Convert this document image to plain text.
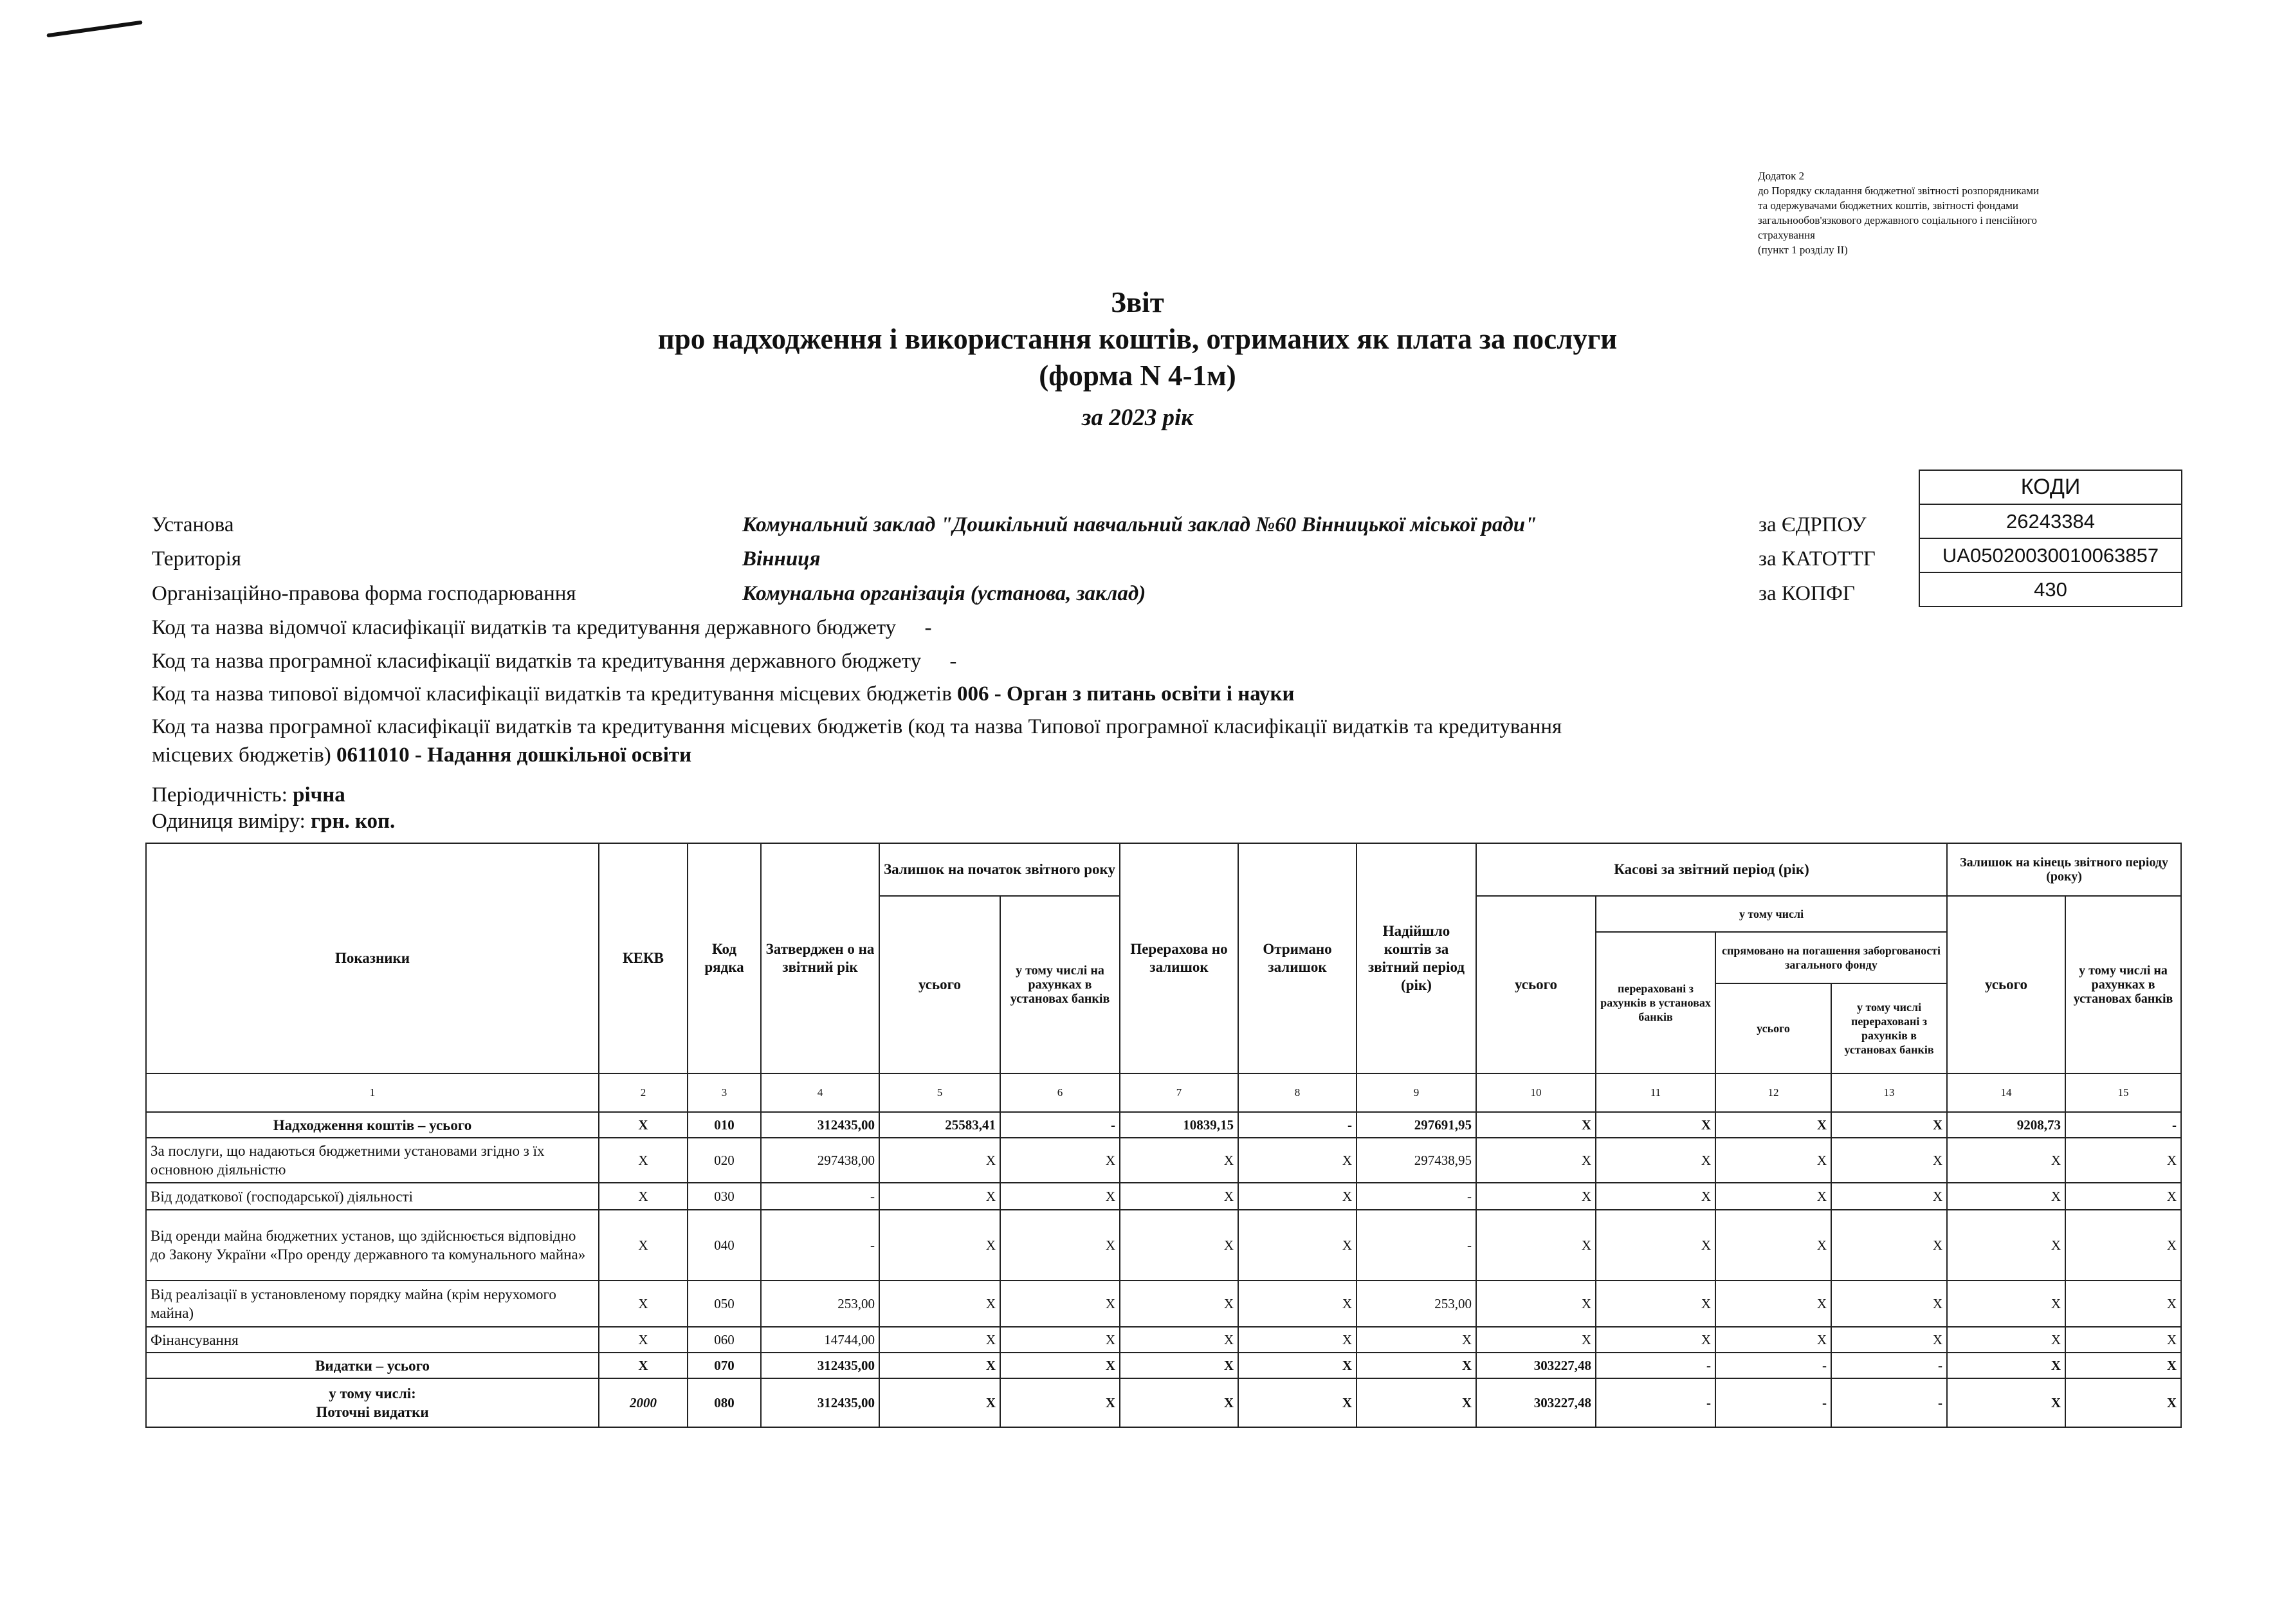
Додаток 2
до Порядку складання бюджетної звітності розпорядниками
та одержувачами бюджетних коштів, звітності фондами
загальнообов'язкового державного соціального і пенсійного
страхування
(пункт 1 розділу II)
Звіт
про надходження і використання коштів, отриманих як плата за послуги
(форма N 4-1м)
за 2023 рік
КОДИ
26243384
UA05020030010063857
430
Установа	Комунальний заклад "Дошкільний навчальний заклад №60 Вінницької міської ради"	за ЄДРПОУ
Територія	Вінниця	за КАТОТТГ
Організаційно-правова форма господарювання	Комунальна організація (установа, заклад)	за КОПФГ
Код та назва відомчої класифікації видатків та кредитування державного бюджету -
Код та назва програмної класифікації видатків та кредитування державного бюджету -
Код та назва типової відомчої класифікації видатків та кредитування місцевих бюджетів 006 - Орган з питань освіти і науки
Код та назва програмної класифікації видатків та кредитування місцевих бюджетів (код та назва Типової програмної класифікації видатків та кредитування місцевих бюджетів) 0611010 - Надання дошкільної освіти
Періодичність: річна
Одиниця виміру: грн. коп.
Показники	КЕКВ	Код рядка	Затверджен о на звітний рік	Залишок на початок звітного року		Перерахова но залишок	Отримано залишок	Надійшло коштів за звітний період (рік)	Касові за звітний період (рік)				Залишок на кінець звітного періоду (року)	
				усього	у тому числі на рахунках в установах банків				усього	у тому числі			усього	у тому числі на рахунках в установах банків
										перераховані з рахунків в установах банків	спрямовано на погашення заборгованості загального фонду			
											усього	у тому числі перераховані з рахунків в установах банків		
1	2	3	4	5	6	7	8	9	10	11	12	13	14	15
Надходження коштів – усього	X	010	312435,00	25583,41	-	10839,15	-	297691,95	X	X	X	X	9208,73	-
За послуги, що надаються бюджетними установами згідно з їх основною діяльністю	X	020	297438,00	X	X	X	X	297438,95	X	X	X	X	X	X
Від додаткової (господарської) діяльності	X	030	-	X	X	X	X	-	X	X	X	X	X	X
Від оренди майна бюджетних установ, що здійснюється відповідно до Закону України «Про оренду державного та комунального майна»	X	040	-	X	X	X	X	-	X	X	X	X	X	X
Від реалізації в установленому порядку майна (крім нерухомого майна)	X	050	253,00	X	X	X	X	253,00	X	X	X	X	X	X
Фінансування	X	060	14744,00	X	X	X	X	X	X	X	X	X	X	X
Видатки – усього	X	070	312435,00	X	X	X	X	X	303227,48	-	-	-	X	X
у тому числі:
Поточні видатки	2000	080	312435,00	X	X	X	X	X	303227,48	-	-	-	X	X
